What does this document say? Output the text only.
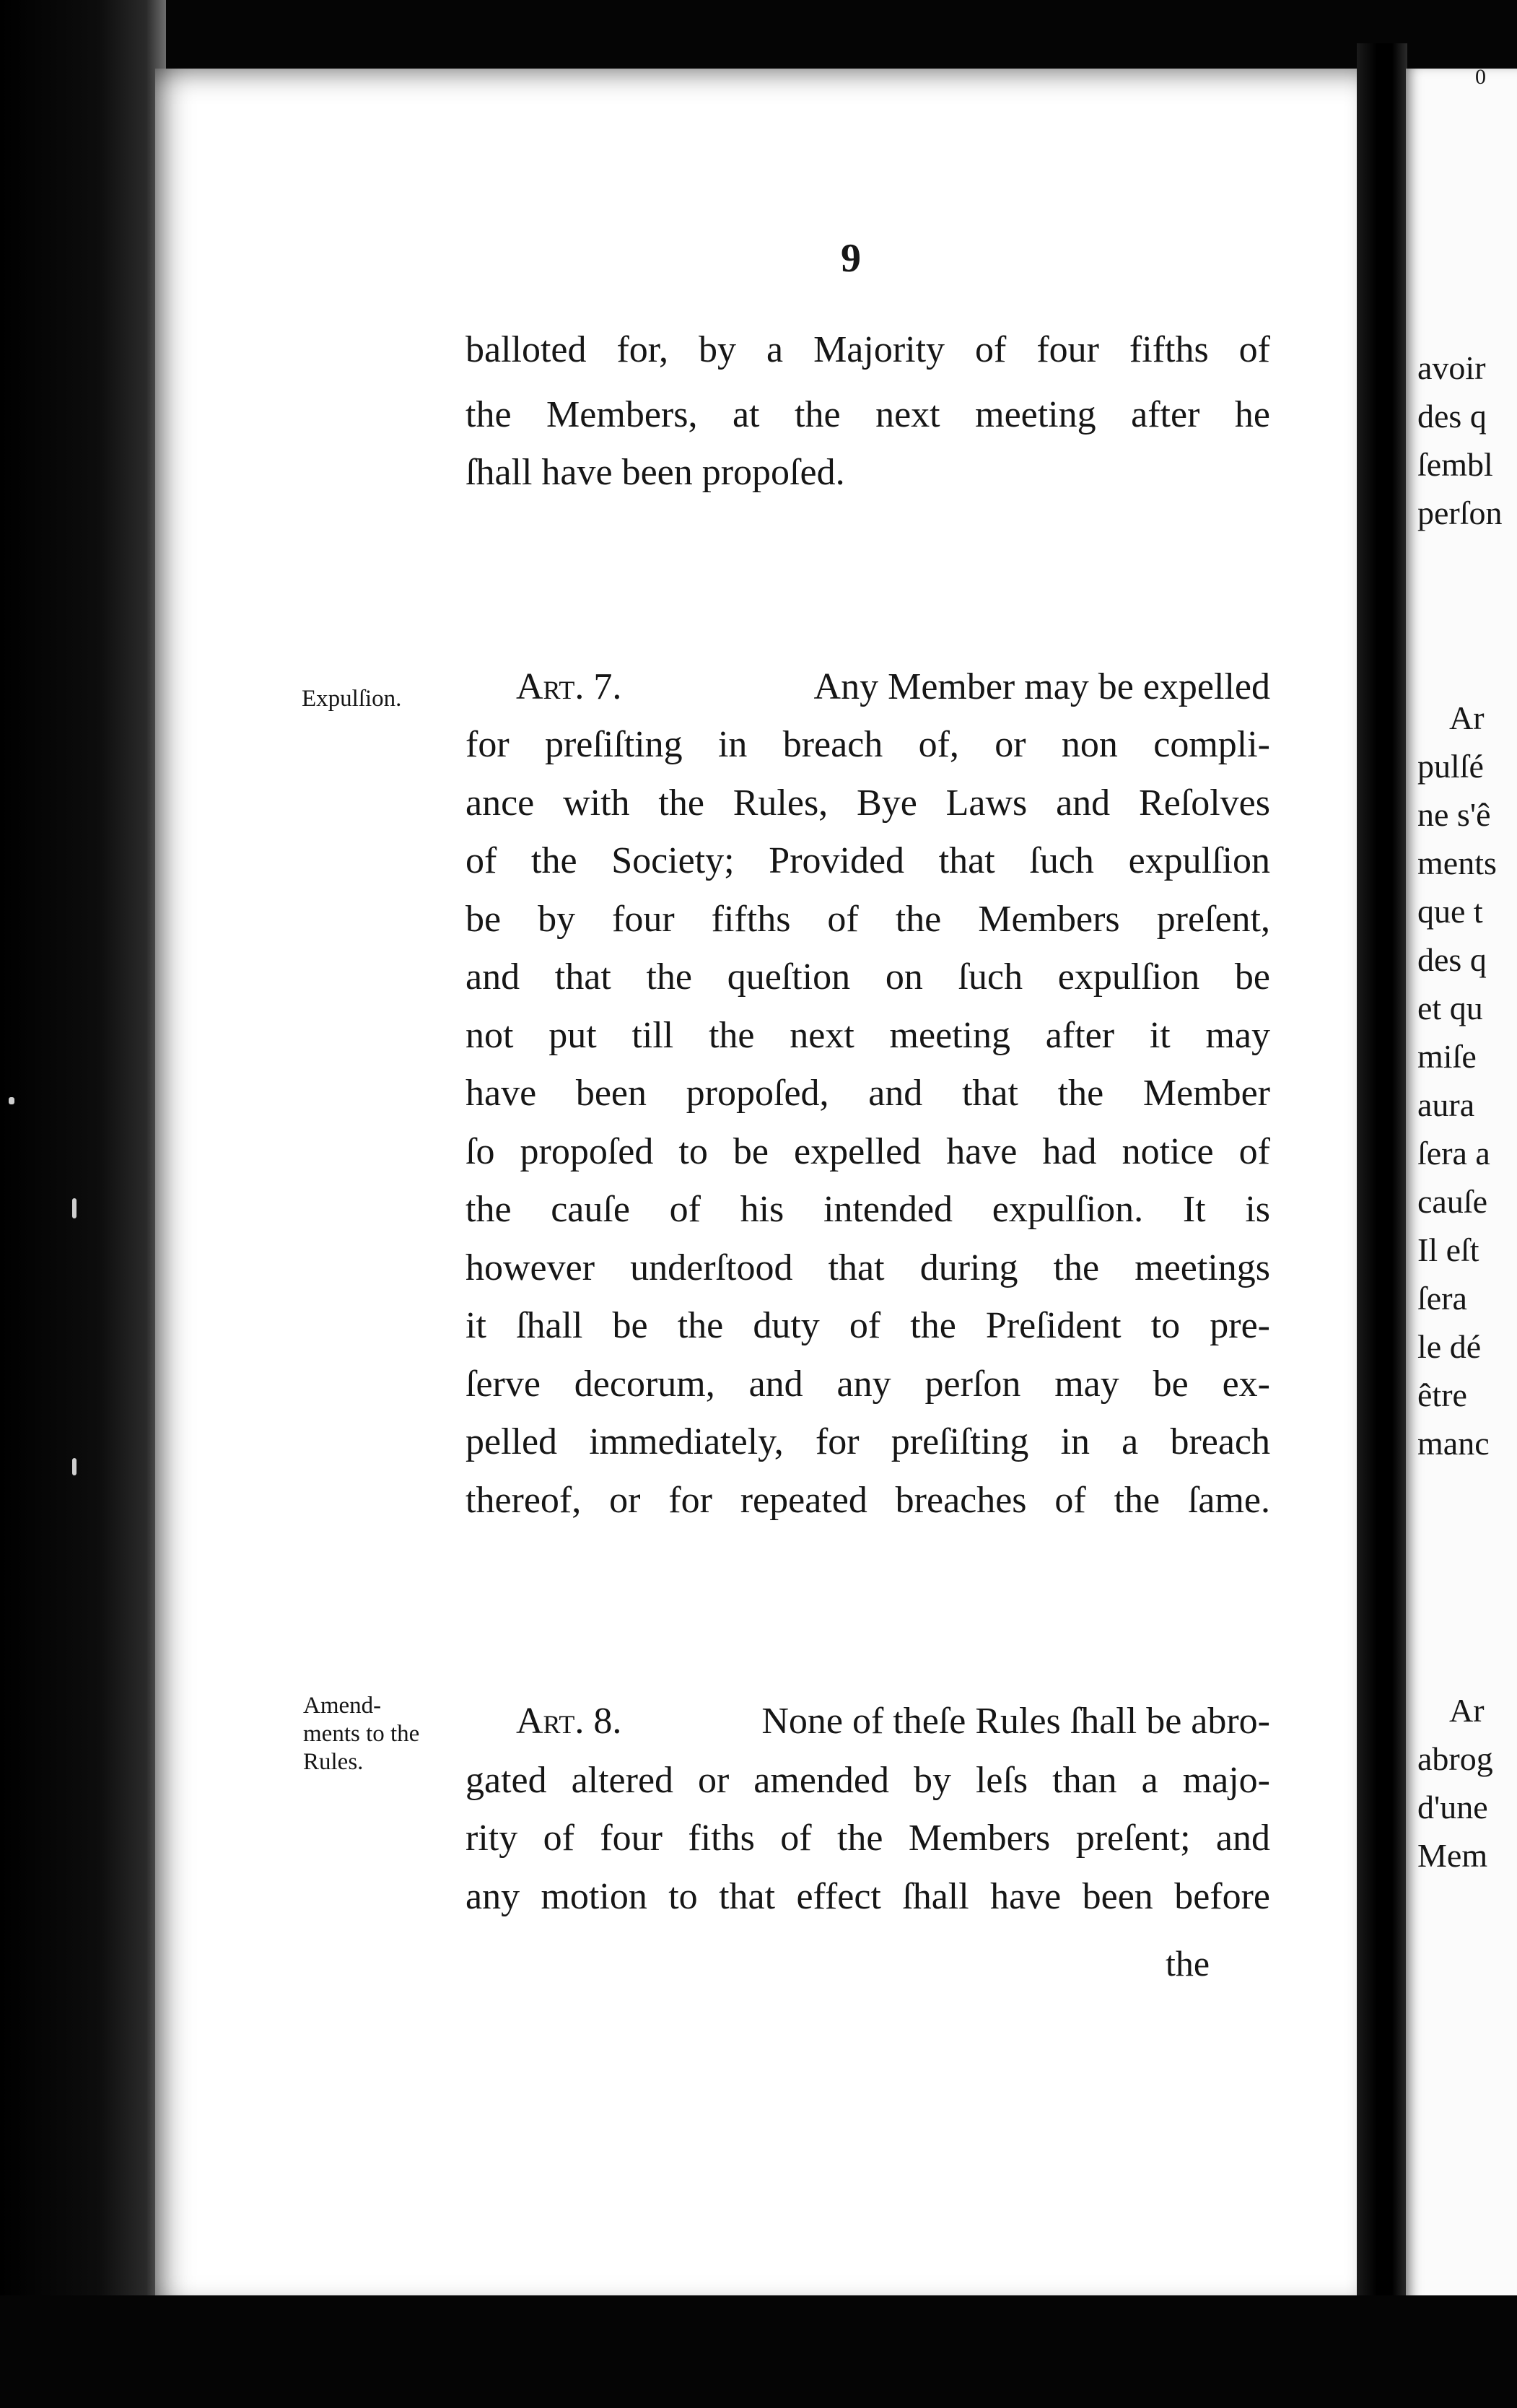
9
balloted for, by a Majority of four fifths of
the Members, at the next meeting after he
ſhall have been propoſed.
Expulſion.	Art. 7.	Any Member may be expelled
for preſiſting in breach of, or non compli-
ance with the Rules, Bye Laws and Reſolves
of the Society; Provided that ſuch expulſion
be by four fifths of the Members preſent,
and that the queſtion on ſuch expulſion be
not put till the next meeting after it may
have been propoſed, and that the Member
ſo propoſed to be expelled have had notice of
the cauſe of his intended expulſion. It is
however underſtood that during the meetings
it ſhall be the duty of the Preſident to pre-
ſerve decorum, and any perſon may be ex-
pelled immediately, for preſiſting in a breach
thereof, or for repeated breaches of the ſame.
Amend-
ments to the
Rules.
Art. 8.	None of theſe Rules ſhall be abro-
gated altered or amended by leſs than a majo-
rity of four fiths of the Members preſent; and
any motion to that effect ſhall have been before
the
0
avoir
des q
ſembl
perſon
Ar
pulſé
ne s'ê
ments
que t
des q
et qu
miſe
aura
ſera a
cauſe
Il eſt
ſera
le dé
être
manc
Ar
abrog
d'une
Mem
